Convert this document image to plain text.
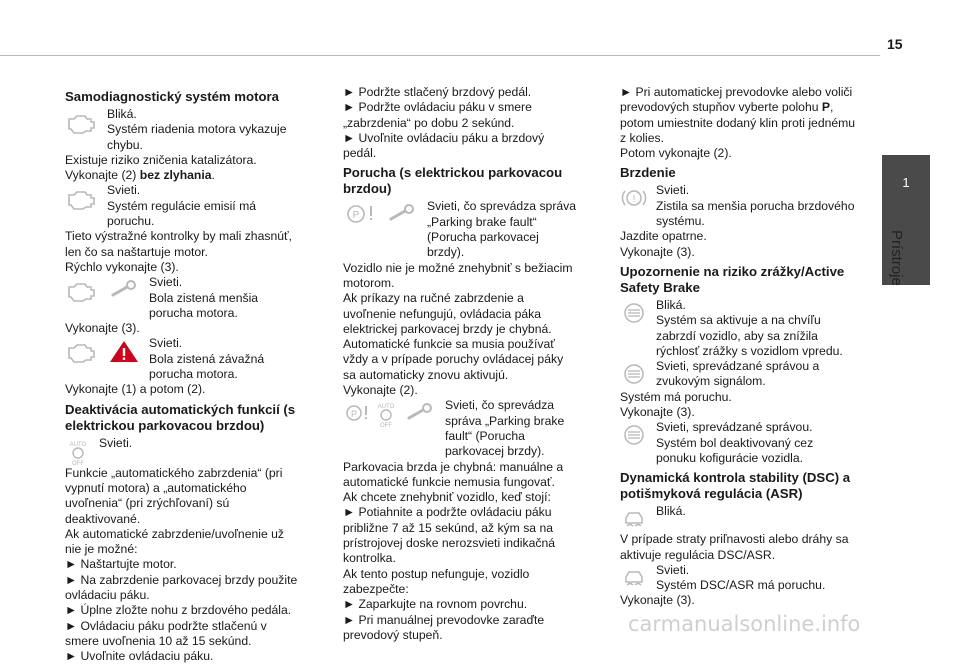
15
1
Prístroje
Samodiagnostický systém motora

Bliká.

Systém riadenia motora vykazuje chybu.

Existuje riziko zničenia katalizátora.

Vykonajte (2) bez zlyhania.

Svieti.

Systém regulácie emisií má poruchu.

Tieto výstražné kontrolky by mali zhasnúť, len čo sa naštartuje motor.

Rýchlo vykonajte (3).

Svieti.

Bola zistená menšia porucha motora.

Vykonajte (3).

Svieti.

Bola zistená závažná porucha motora.

Vykonajte (1) a potom (2).

Deaktivácia automatických funkcií (s elektrickou parkovacou brzdou)
AUTO
OFF

Svieti.

Funkcie „automatického zabrzdenia“ (pri vypnutí motora) a „automatického uvoľnenia“ (pri zrýchľovaní) sú deaktivované.

Ak automatické zabrzdenie/uvoľnenie už nie je možné:

► Naštartujte motor.

► Na zabrzdenie parkovacej brzdy použite ovládaciu páku.

► Úplne zložte nohu z brzdového pedála.

► Ovládaciu páku podržte stlačenú v smere uvoľnenia 10 až 15 sekúnd.

► Uvoľnite ovládaciu páku.

► Podržte stlačený brzdový pedál.

► Podržte ovládaciu páku v smere „zabrzdenia“ po dobu 2 sekúnd.

► Uvoľnite ovládaciu páku a brzdový pedál.

Porucha (s elektrickou parkovacou brzdou)
P

Svieti, čo sprevádza správa „Parking brake fault“ (Porucha parkovacej brzdy).

Vozidlo nie je možné znehybniť s bežiacim motorom.

Ak príkazy na ručné zabrzdenie a uvoľnenie nefungujú, ovládacia páka elektrickej parkovacej brzdy je chybná.

Automatické funkcie sa musia používať vždy a v prípade poruchy ovládacej páky sa automaticky znovu aktivujú.

Vykonajte (2).

P
AUTO
OFF

Svieti, čo sprevádza správa „Parking brake fault“ (Porucha parkovacej brzdy).

Parkovacia brzda je chybná: manuálne a automatické funkcie nemusia fungovať.

Ak chcete znehybniť vozidlo, keď stojí:

► Potiahnite a podržte ovládaciu páku približne 7 až 15 sekúnd, až kým sa na prístrojovej doske nerozsvieti indikačná kontrolka.

Ak tento postup nefunguje, vozidlo zabezpečte:

► Zaparkujte na rovnom povrchu.

► Pri manuálnej prevodovke zaraďte prevodový stupeň.

► Pri automatickej prevodovke alebo voliči prevodových stupňov vyberte polohu P, potom umiestnite dodaný klin proti jednému z kolies.

Potom vykonajte (2).

Brzdenie
!

Svieti.

Zistila sa menšia porucha brzdového systému.

Jazdite opatrne.

Vykonajte (3).

Upozornenie na riziko zrážky/Active Safety Brake

Bliká.

Systém sa aktivuje a na chvíľu zabrzdí vozidlo, aby sa znížila rýchlosť zrážky s vozidlom vpredu.

Svieti, sprevádzané správou a zvukovým signálom.

Systém má poruchu.

Vykonajte (3).

Svieti, sprevádzané správou.

Systém bol deaktivovaný cez ponuku kofigurácie vozidla.

Dynamická kontrola stability (DSC) a potišmyková regulácia (ASR)

Bliká.

V prípade straty priľnavosti alebo dráhy sa aktivuje regulácia DSC/ASR.

Svieti.

Systém DSC/ASR má poruchu.

Vykonajte (3).

carmanualsonline.info
